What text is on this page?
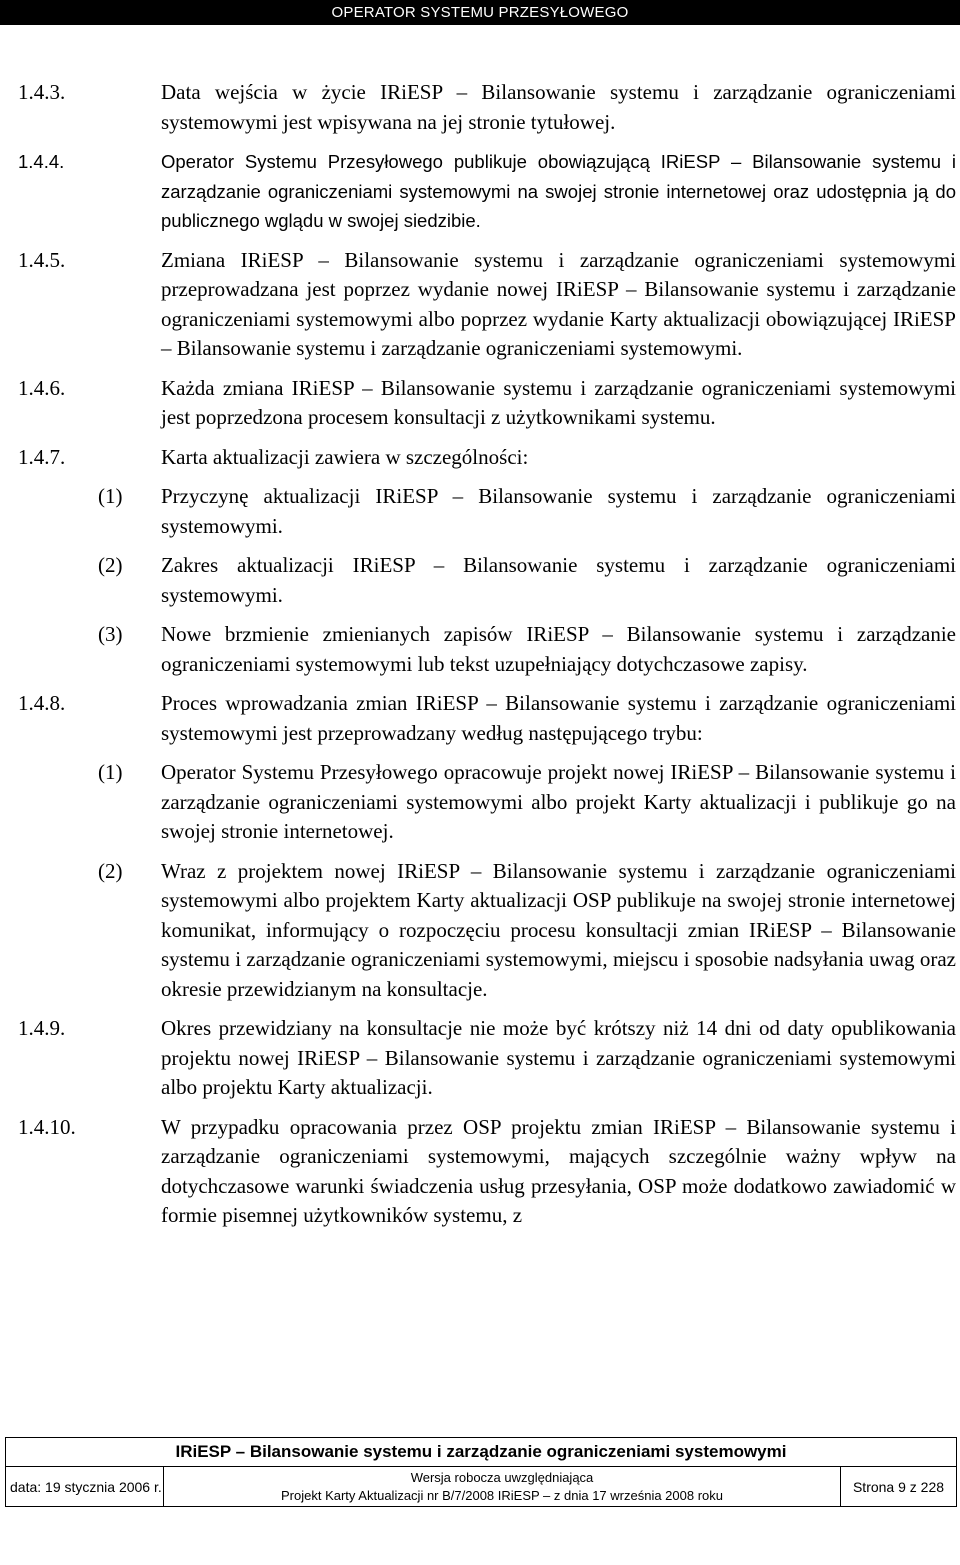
OPERATOR SYSTEMU PRZESYŁOWEGO
1.4.3.	Data wejścia w życie IRiESP – Bilansowanie systemu i zarządzanie ograniczeniami systemowymi jest wpisywana na jej stronie tytułowej.
1.4.4.	Operator Systemu Przesyłowego publikuje obowiązującą IRiESP – Bilansowanie systemu i zarządzanie ograniczeniami systemowymi na swojej stronie internetowej oraz udostępnia ją do publicznego wglądu w swojej siedzibie.
1.4.5.	Zmiana IRiESP – Bilansowanie systemu i zarządzanie ograniczeniami systemowymi przeprowadzana jest poprzez wydanie nowej IRiESP – Bilansowanie systemu i zarządzanie ograniczeniami systemowymi albo poprzez wydanie Karty aktualizacji obowiązującej IRiESP – Bilansowanie systemu i zarządzanie ograniczeniami systemowymi.
1.4.6.	Każda zmiana IRiESP – Bilansowanie systemu i zarządzanie ograniczeniami systemowymi jest poprzedzona procesem konsultacji z użytkownikami systemu.
1.4.7.	Karta aktualizacji zawiera w szczególności:
(1)	Przyczynę aktualizacji IRiESP – Bilansowanie systemu i zarządzanie ograniczeniami systemowymi.
(2)	Zakres aktualizacji IRiESP – Bilansowanie systemu i zarządzanie ograniczeniami systemowymi.
(3)	Nowe brzmienie zmienianych zapisów IRiESP – Bilansowanie systemu i zarządzanie ograniczeniami systemowymi lub tekst uzupełniający dotychczasowe zapisy.
1.4.8.	Proces wprowadzania zmian IRiESP – Bilansowanie systemu i zarządzanie ograniczeniami systemowymi jest przeprowadzany według następującego trybu:
(1)	Operator Systemu Przesyłowego opracowuje projekt nowej IRiESP – Bilansowanie systemu i zarządzanie ograniczeniami systemowymi albo projekt Karty aktualizacji i publikuje go na swojej stronie internetowej.
(2)	Wraz z projektem nowej IRiESP – Bilansowanie systemu i zarządzanie ograniczeniami systemowymi albo projektem Karty aktualizacji OSP publikuje na swojej stronie internetowej komunikat, informujący o rozpoczęciu procesu konsultacji zmian IRiESP – Bilansowanie systemu i zarządzanie ograniczeniami systemowymi, miejscu i sposobie nadsyłania uwag oraz okresie przewidzianym na konsultacje.
1.4.9.	Okres przewidziany na konsultacje nie może być krótszy niż 14 dni od daty opublikowania projektu nowej IRiESP – Bilansowanie systemu i zarządzanie ograniczeniami systemowymi albo projektu Karty aktualizacji.
1.4.10.	W przypadku opracowania przez OSP projektu zmian IRiESP – Bilansowanie systemu i zarządzanie ograniczeniami systemowymi, mających szczególnie ważny wpływ na dotychczasowe warunki świadczenia usług przesyłania, OSP może dodatkowo zawiadomić w formie pisemnej użytkowników systemu, z
IRiESP – Bilansowanie systemu i zarządzanie ograniczeniami systemowymi
data: 19 stycznia 2006 r.
Wersja robocza uwzględniająca
Projekt Karty Aktualizacji nr B/7/2008 IRiESP – z dnia 17 września 2008 roku
Strona 9 z 228
